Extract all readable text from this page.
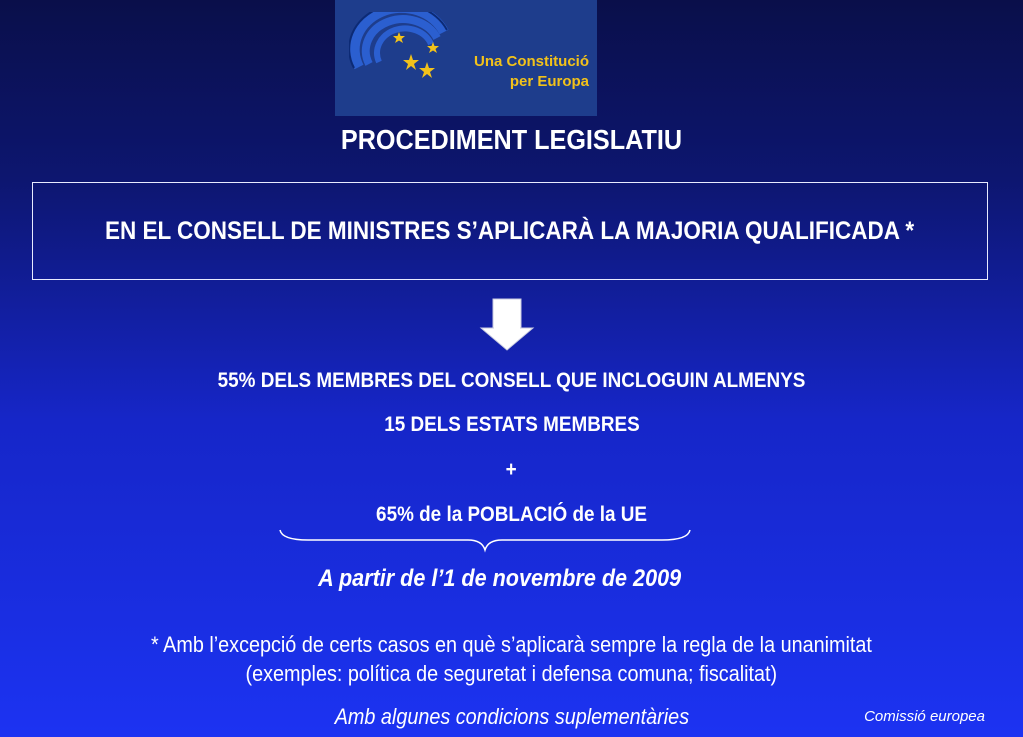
Una Constitució
per Europa
PROCEDIMENT LEGISLATIU
EN EL CONSELL DE MINISTRES S’APLICARÀ LA MAJORIA QUALIFICADA *
55% DELS MEMBRES DEL CONSELL QUE INCLOGUIN ALMENYS
15 DELS ESTATS MEMBRES
+
65% de la POBLACIÓ de la UE
A partir de l’1 de novembre de 2009
* Amb l’excepció de certs casos en què s’aplicarà sempre la regla de la unanimitat
(exemples: política de seguretat i defensa comuna; fiscalitat)
Amb algunes condicions suplementàries	Comissió europea
